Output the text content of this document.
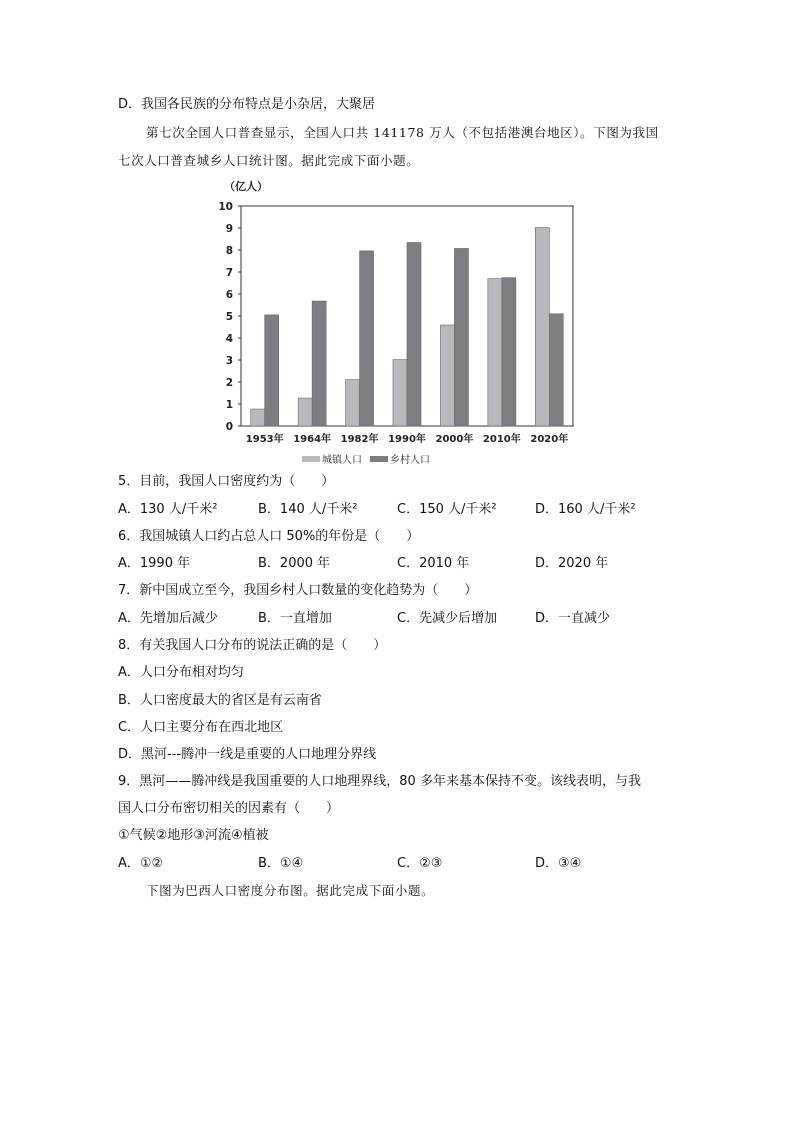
D．我国各民族的分布特点是小杂居，大聚居
第七次全国人口普查显示，全国人口共 141178 万人（不包括港澳台地区）。下图为我国
七次人口普查城乡人口统计图。据此完成下面小题。
（亿人）
0
1
2
3
4
5
6
7
8
9
10
1953年 1964年 1982年 1990年 2000年 2010年 2020年
城镇人口	乡村人口
5．目前，我国人口密度约为（　　）
A．130 人/千米²	B．140 人/千米²	C．150 人/千米²	D．160 人/千米²
6．我国城镇人口约占总人口 50%的年份是（　　）
A．1990 年	B．2000 年	C．2010 年	D．2020 年
7．新中国成立至今，我国乡村人口数量的变化趋势为（　　）
A．先增加后减少	B．一直增加	C．先减少后增加	D．一直减少
8．有关我国人口分布的说法正确的是（　　）
A．人口分布相对均匀
B．人口密度最大的省区是有云南省
C．人口主要分布在西北地区
D．黑河---腾冲一线是重要的人口地理分界线
9．黑河——腾冲线是我国重要的人口地理界线，80 多年来基本保持不变。该线表明，与我
国人口分布密切相关的因素有（　　）
①气候②地形③河流④植被
A．①②	B．①④	C．②③	D．③④
下图为巴西人口密度分布图。据此完成下面小题。
